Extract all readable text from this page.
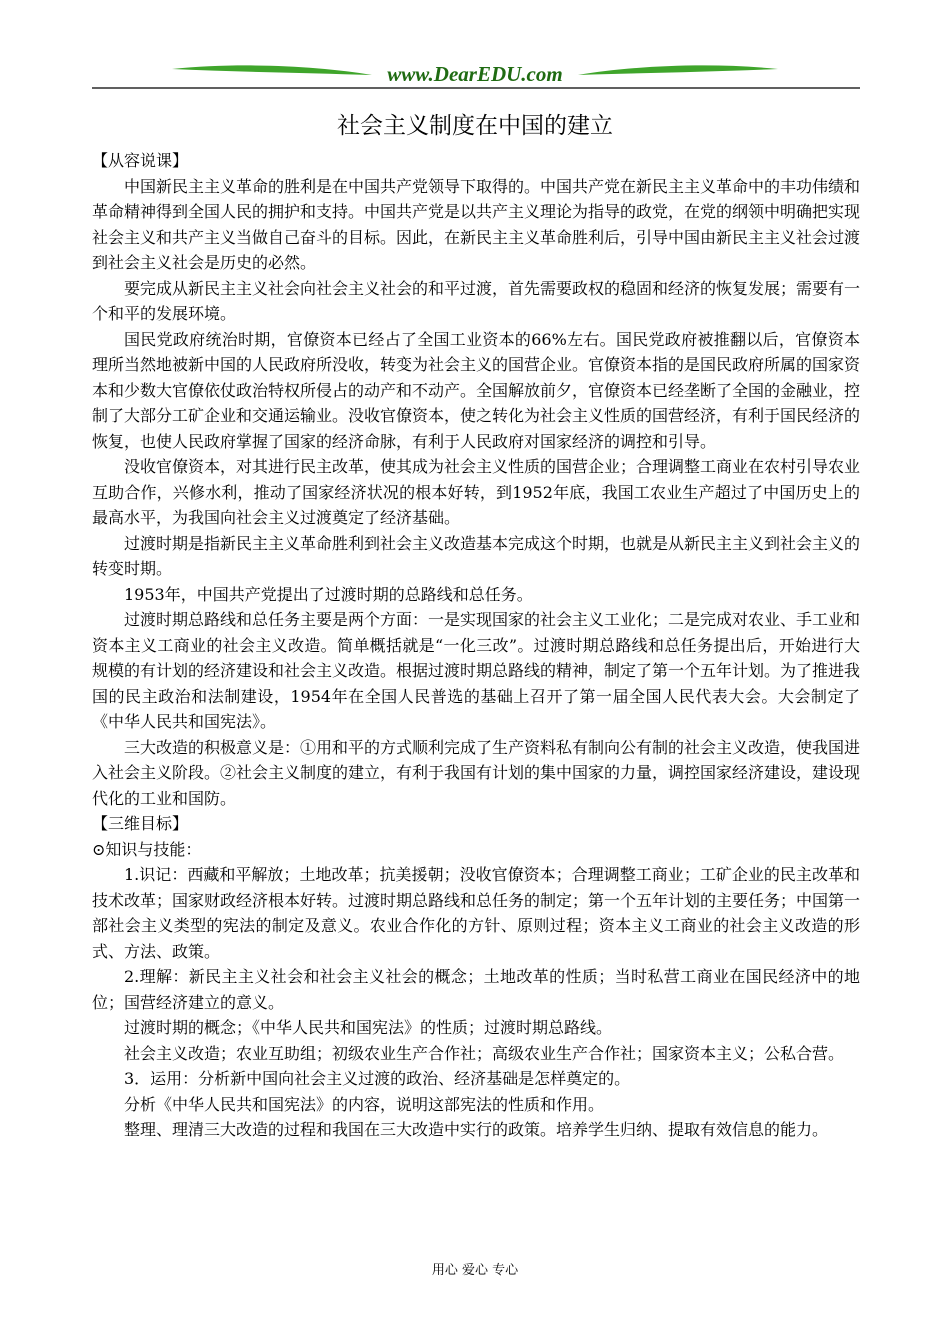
www.DearEDU.com
社会主义制度在中国的建立

【从容说课】

中国新民主主义革命的胜利是在中国共产党领导下取得的。中国共产党在新民主主义革命中的丰功伟绩和革命精神得到全国人民的拥护和支持。中国共产党是以共产主义理论为指导的政党，在党的纲领中明确把实现社会主义和共产主义当做自己奋斗的目标。因此，在新民主主义革命胜利后，引导中国由新民主主义社会过渡到社会主义社会是历史的必然。

要完成从新民主主义社会向社会主义社会的和平过渡，首先需要政权的稳固和经济的恢复发展；需要有一个和平的发展环境。

国民党政府统治时期，官僚资本已经占了全国工业资本的66%左右。国民党政府被推翻以后，官僚资本理所当然地被新中国的人民政府所没收，转变为社会主义的国营企业。官僚资本指的是国民政府所属的国家资本和少数大官僚依仗政治特权所侵占的动产和不动产。全国解放前夕，官僚资本已经垄断了全国的金融业，控制了大部分工矿企业和交通运输业。没收官僚资本，使之转化为社会主义性质的国营经济，有利于国民经济的恢复，也使人民政府掌握了国家的经济命脉，有利于人民政府对国家经济的调控和引导。

没收官僚资本，对其进行民主改革，使其成为社会主义性质的国营企业；合理调整工商业在农村引导农业互助合作，兴修水利，推动了国家经济状况的根本好转，到1952年底，我国工农业生产超过了中国历史上的最高水平，为我国向社会主义过渡奠定了经济基础。

过渡时期是指新民主主义革命胜利到社会主义改造基本完成这个时期，也就是从新民主主义到社会主义的转变时期。

1953年，中国共产党提出了过渡时期的总路线和总任务。

过渡时期总路线和总任务主要是两个方面：一是实现国家的社会主义工业化；二是完成对农业、手工业和资本主义工商业的社会主义改造。简单概括就是“一化三改”。过渡时期总路线和总任务提出后，开始进行大规模的有计划的经济建设和社会主义改造。根据过渡时期总路线的精神，制定了第一个五年计划。为了推进我国的民主政治和法制建设，1954年在全国人民普选的基础上召开了第一届全国人民代表大会。大会制定了《中华人民共和国宪法》。

三大改造的积极意义是：①用和平的方式顺利完成了生产资料私有制向公有制的社会主义改造，使我国进入社会主义阶段。②社会主义制度的建立，有利于我国有计划的集中国家的力量，调控国家经济建设，建设现代化的工业和国防。

【三维目标】

⊙知识与技能：

1.识记：西藏和平解放；土地改革；抗美援朝；没收官僚资本；合理调整工商业；工矿企业的民主改革和技术改革；国家财政经济根本好转。过渡时期总路线和总任务的制定；第一个五年计划的主要任务；中国第一部社会主义类型的宪法的制定及意义。农业合作化的方针、原则过程；资本主义工商业的社会主义改造的形式、方法、政策。

2.理解：新民主主义社会和社会主义社会的概念；土地改革的性质；当时私营工商业在国民经济中的地位；国营经济建立的意义。

过渡时期的概念；《中华人民共和国宪法》的性质；过渡时期总路线。

社会主义改造；农业互助组；初级农业生产合作社；高级农业生产合作社；国家资本主义；公私合营。

3．运用：分析新中国向社会主义过渡的政治、经济基础是怎样奠定的。

分析《中华人民共和国宪法》的内容，说明这部宪法的性质和作用。

整理、理清三大改造的过程和我国在三大改造中实行的政策。培养学生归纳、提取有效信息的能力。

用心 爱心 专心
